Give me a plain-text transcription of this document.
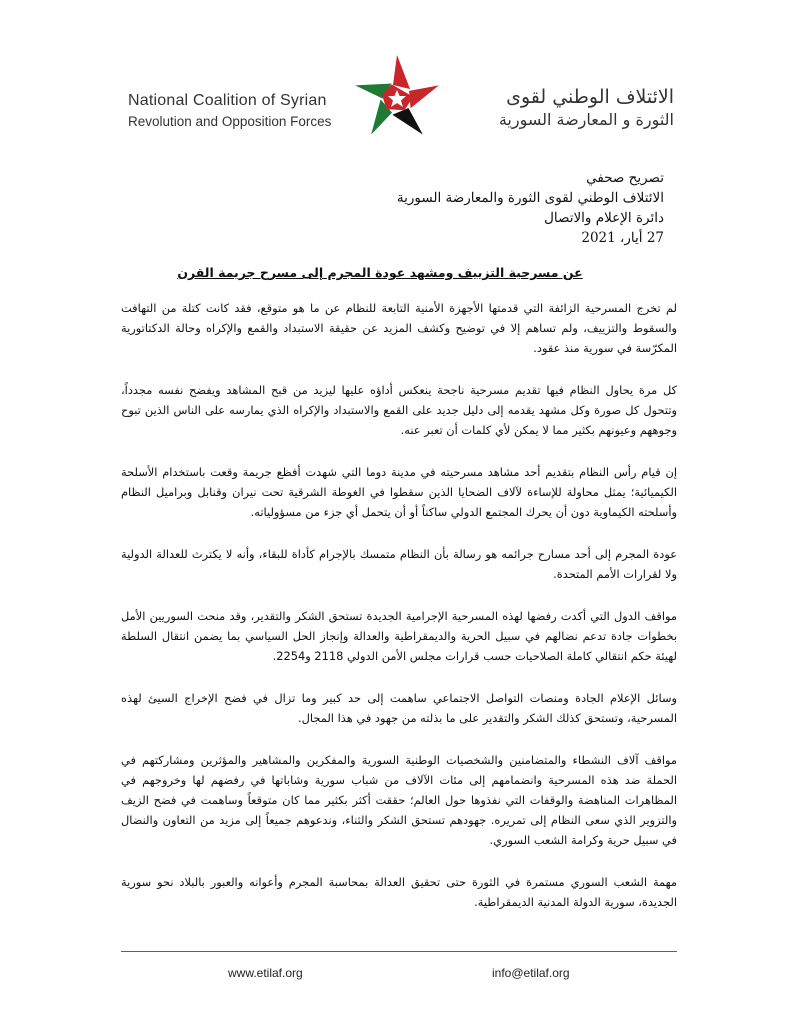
National Coalition of Syrian
Revolution and Opposition Forces
الائتلاف الوطني لقوى
الثورة و المعارضة السورية
تصريح صحفي
الائتلاف الوطني لقوى الثورة والمعارضة السورية
دائرة الإعلام والاتصال
27 أيار، 2021
عن مسرحية التزييف ومشهد عودة المجرم إلى مسرح جريمة القرن

لم تخرج المسرحية الزائفة التي قدمتها الأجهزة الأمنية التابعة للنظام عن ما هو متوقع، فقد كانت كتلة من التهافت والسقوط والتزييف، ولم تساهم إلا في توضيح وكشف المزيد عن حقيقة الاستبداد والقمع والإكراه وحالة الدكتاتورية المكرّسة في سورية منذ عقود.

كل مرة يحاول النظام فيها تقديم مسرحية ناجحة ينعكس أداؤه عليها ليزيد من قبح المشاهد ويفضح نفسه مجدداً، وتتحول كل صورة وكل مشهد يقدمه إلى دليل جديد على القمع والاستبداد والإكراه الذي يمارسه على الناس الذين تبوح وجوههم وعيونهم بكثير مما لا يمكن لأي كلمات أن تعبر عنه.

إن قيام رأس النظام بتقديم أحد مشاهد مسرحيته في مدينة دوما التي شهدت أفظع جريمة وقعت باستخدام الأسلحة الكيميائية؛ يمثل محاولة للإساءة لآلاف الضحايا الذين سقطوا في الغوطة الشرقية تحت نيران وقنابل وبراميل النظام وأسلحته الكيماوية دون أن يحرك المجتمع الدولي ساكناً أو أن يتحمل أي جزء من مسؤولياته.

عودة المجرم إلى أحد مسارح جرائمه هو رسالة بأن النظام متمسك بالإجرام كأداة للبقاء، وأنه لا يكترث للعدالة الدولية ولا لقرارات الأمم المتحدة.

مواقف الدول التي أكدت رفضها لهذه المسرحية الإجرامية الجديدة تستحق الشكر والتقدير، وقد منحت السوريين الأمل بخطوات جادة تدعم نضالهم في سبيل الحرية والديمقراطية والعدالة وإنجاز الحل السياسي بما يضمن انتقال السلطة لهيئة حكم انتقالي كاملة الصلاحيات حسب قرارات مجلس الأمن الدولي 2118 و2254.

وسائل الإعلام الجادة ومنصات التواصل الاجتماعي ساهمت إلى حد كبير وما تزال في فضح الإخراج السيئ لهذه المسرحية، وتستحق كذلك الشكر والتقدير على ما بذلته من جهود في هذا المجال.

مواقف آلاف النشطاء والمتضامنين والشخصيات الوطنية السورية والمفكرين والمشاهير والمؤثرين ومشاركتهم في الحملة ضد هذه المسرحية وانضمامهم إلى مئات الآلاف من شباب سورية وشاباتها في رفضهم لها وخروجهم في المظاهرات المناهضة والوقفات التي نفذوها حول العالم؛ حققت أكثر بكثير مما كان متوقعاً وساهمت في فضح الزيف والتزوير الذي سعى النظام إلى تمريره. جهودهم تستحق الشكر والثناء، وندعوهم جميعاً إلى مزيد من التعاون والنضال في سبيل حرية وكرامة الشعب السوري.

مهمة الشعب السوري مستمرة في الثورة حتى تحقيق العدالة بمحاسبة المجرم وأعوانه والعبور بالبلاد نحو سورية الجديدة، سورية الدولة المدنية الديمقراطية.

www.etilaf.org	info@etilaf.org
